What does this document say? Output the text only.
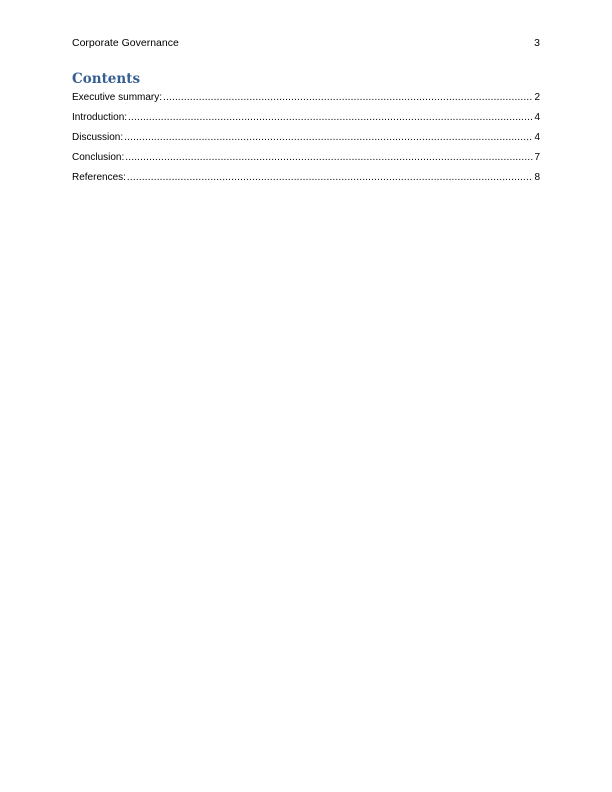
Corporate Governance	3
Contents
Executive summary: .....	2
Introduction: .....	4
Discussion: .....	4
Conclusion: .....	7
References: .....	8
